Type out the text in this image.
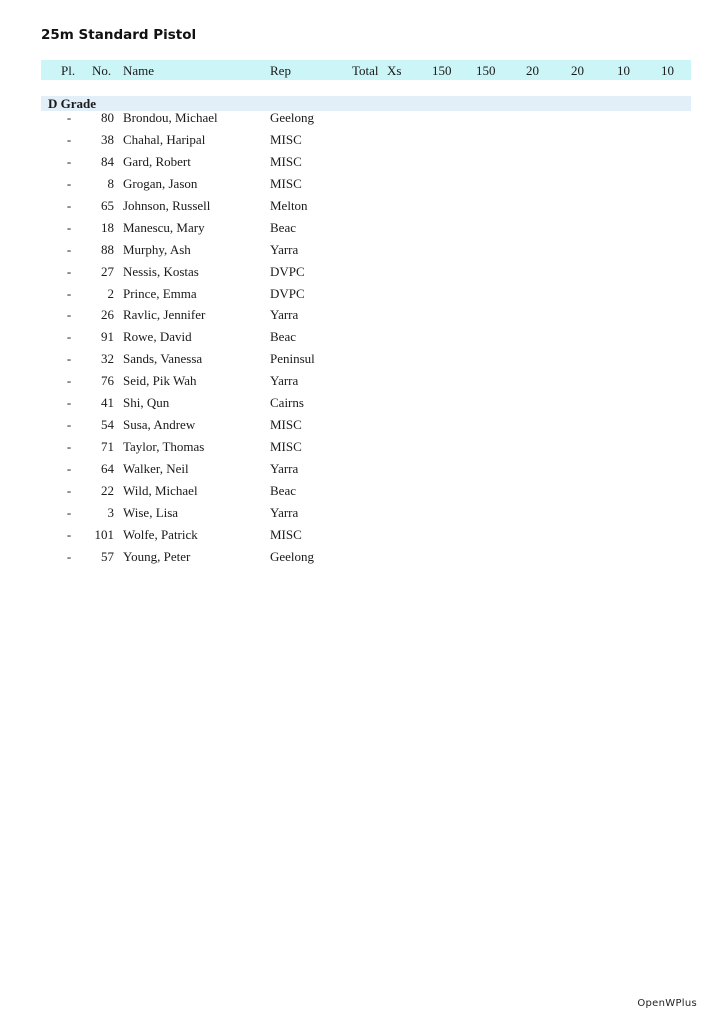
25m Standard Pistol
Pl. No. Name	Rep	Total Xs 150 150 20 20	10 10
D Grade
-	80 Brondou, Michael	Geelong
-	38 Chahal, Haripal	MISC
-	84 Gard, Robert	MISC
-	8 Grogan, Jason	MISC
-	65 Johnson, Russell	Melton
-	18 Manescu, Mary	Beac
-	88 Murphy, Ash	Yarra
-	27 Nessis, Kostas	DVPC
-	2 Prince, Emma	DVPC
-	26 Ravlic, Jennifer	Yarra
-	91 Rowe, David	Beac
-	32 Sands, Vanessa	Peninsul
-	76 Seid, Pik Wah	Yarra
-	41 Shi, Qun	Cairns
-	54 Susa, Andrew	MISC
-	71 Taylor, Thomas	MISC
-	64 Walker, Neil	Yarra
-	22 Wild, Michael	Beac
-	3 Wise, Lisa	Yarra
-	101 Wolfe, Patrick	MISC
-	57 Young, Peter	Geelong
OpenWPlus
